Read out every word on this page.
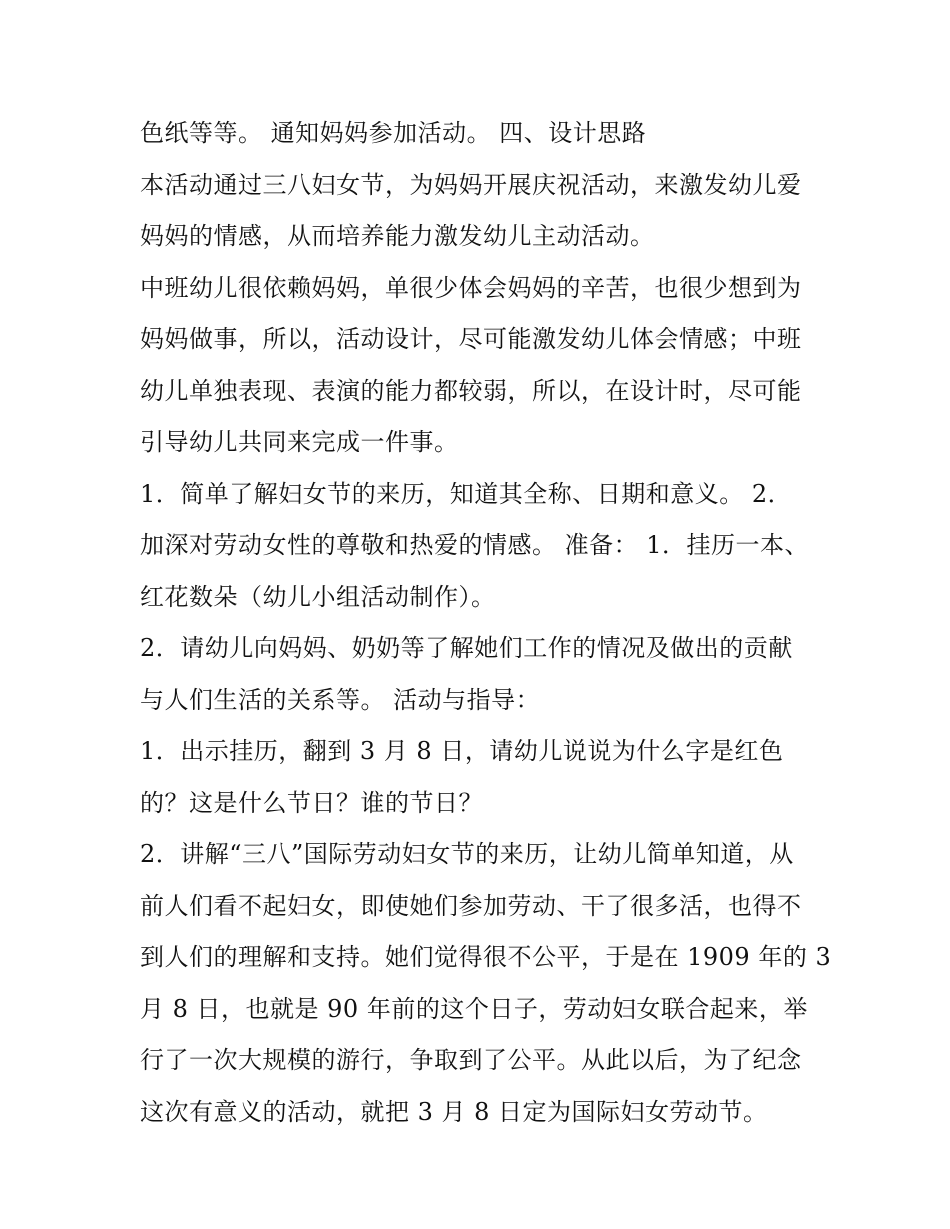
色纸等等。 通知妈妈参加活动。 四、设计思路
本活动通过三八妇女节，为妈妈开展庆祝活动，来激发幼儿爱
妈妈的情感，从而培养能力激发幼儿主动活动。
中班幼儿很依赖妈妈，单很少体会妈妈的辛苦，也很少想到为
妈妈做事，所以，活动设计，尽可能激发幼儿体会情感；中班
幼儿单独表现、表演的能力都较弱，所以，在设计时，尽可能
引导幼儿共同来完成一件事。
1．简单了解妇女节的来历，知道其全称、日期和意义。 2．
加深对劳动女性的尊敬和热爱的情感。 准备： 1．挂历一本、
红花数朵（幼儿小组活动制作）。
2．请幼儿向妈妈、奶奶等了解她们工作的情况及做出的贡献
与人们生活的关系等。 活动与指导：
1．出示挂历，翻到 3 月 8 日，请幼儿说说为什么字是红色
的？这是什么节日？谁的节日？
2．讲解“三八”国际劳动妇女节的来历，让幼儿简单知道，从
前人们看不起妇女，即使她们参加劳动、干了很多活，也得不
到人们的理解和支持。她们觉得很不公平，于是在 1909 年的 3
月 8 日，也就是 90 年前的这个日子，劳动妇女联合起来，举
行了一次大规模的游行，争取到了公平。从此以后，为了纪念
这次有意义的活动，就把 3 月 8 日定为国际妇女劳动节。
